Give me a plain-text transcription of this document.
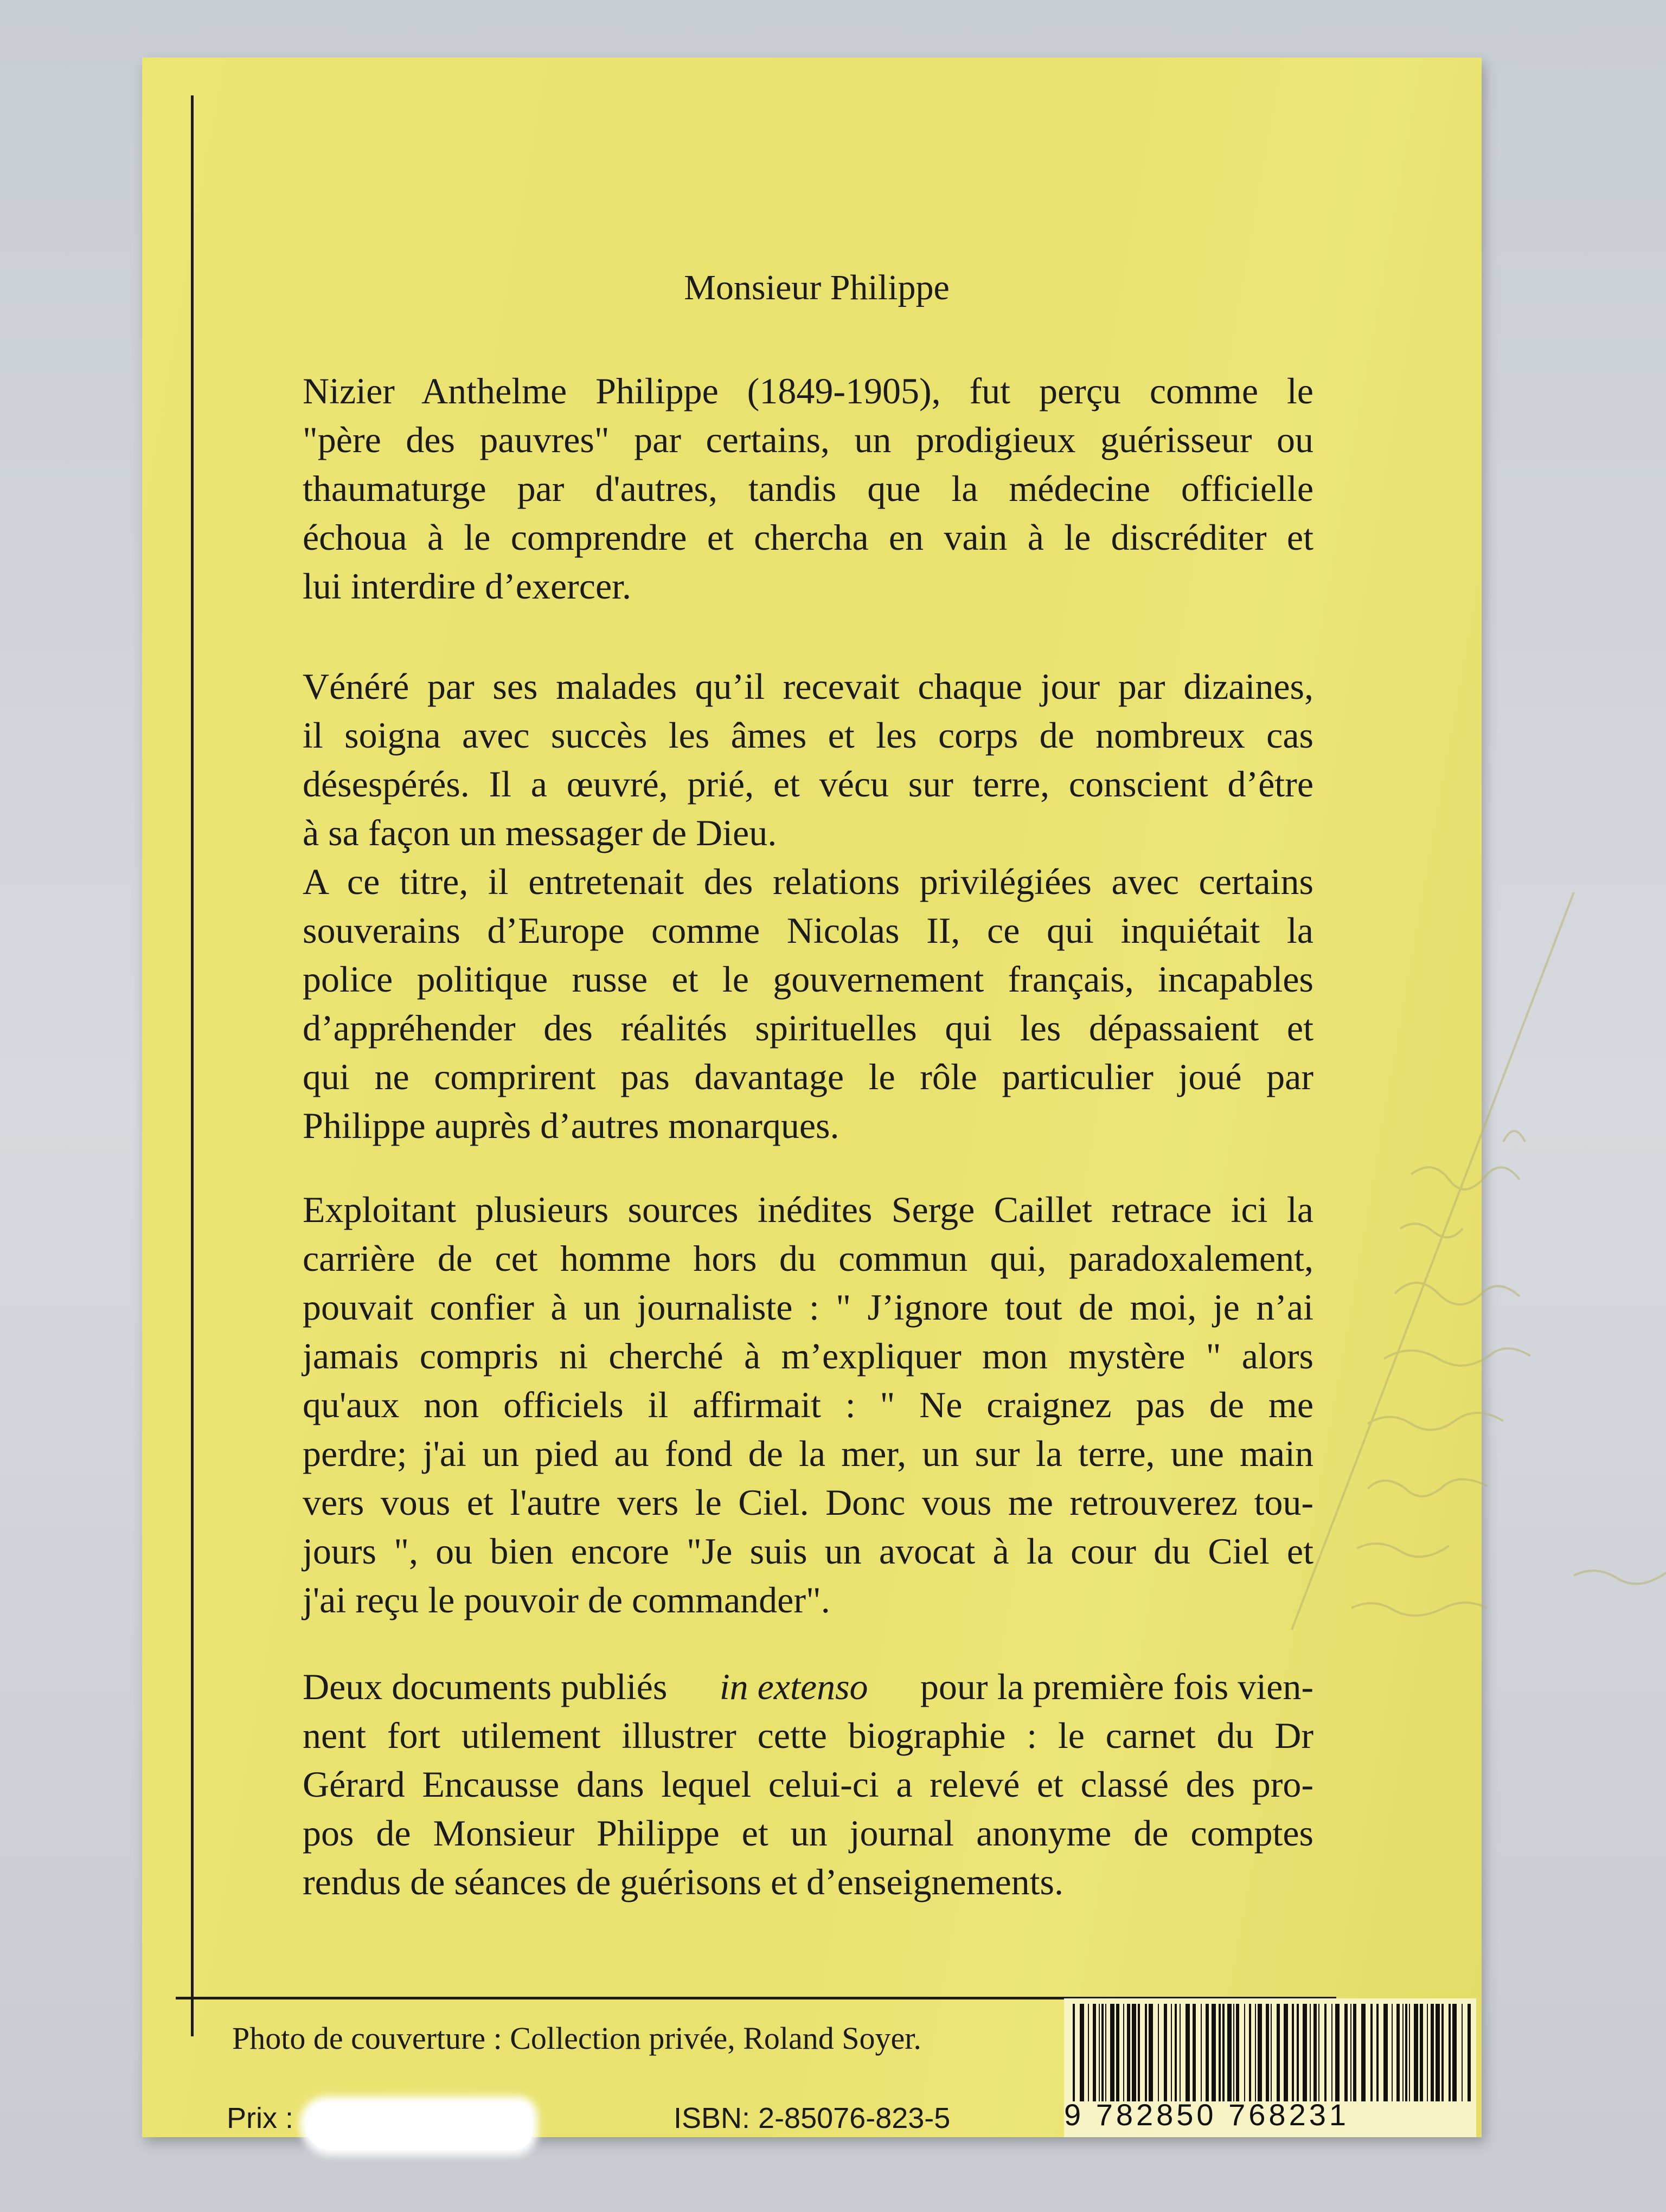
Monsieur Philippe
Nizier Anthelme Philippe (1849-1905), fut perçu comme le
"père des pauvres" par certains, un prodigieux guérisseur ou
thaumaturge par d'autres, tandis que la médecine officielle
échoua à le comprendre et chercha en vain à le discréditer et
lui interdire d’exercer.
Vénéré par ses malades qu’il recevait chaque jour par dizaines,
il soigna avec succès les âmes et les corps de nombreux cas
désespérés. Il a œuvré, prié, et vécu sur terre, conscient d’être
à sa façon un messager de Dieu.
A ce titre, il entretenait des relations privilégiées avec certains
souverains d’Europe comme Nicolas II, ce qui inquiétait la
police politique russe et le gouvernement français, incapables
d’appréhender des réalités spirituelles qui les dépassaient et
qui ne comprirent pas davantage le rôle particulier joué par
Philippe auprès d’autres monarques.
Exploitant plusieurs sources inédites Serge Caillet retrace ici la
carrière de cet homme hors du commun qui, paradoxalement,
pouvait confier à un journaliste : " J’ignore tout de moi, je n’ai
jamais compris ni cherché à m’expliquer mon mystère " alors
qu'aux non officiels il affirmait : " Ne craignez pas de me
perdre; j'ai un pied au fond de la mer, un sur la terre, une main
vers vous et l'autre vers le Ciel. Donc vous me retrouverez tou-
jours ", ou bien encore "Je suis un avocat à la cour du Ciel et
j'ai reçu le pouvoir de commander".
Deux documents publiés in extenso pour la première fois vien-
nent fort utilement illustrer cette biographie : le carnet du Dr
Gérard Encausse dans lequel celui-ci a relevé et classé des pro-
pos de Monsieur Philippe et un journal anonyme de comptes
rendus de séances de guérisons et d’enseignements.
Photo de couverture : Collection privée, Roland Soyer.
Prix :	ISBN: 2-85076-823-5	9 782850 768231
